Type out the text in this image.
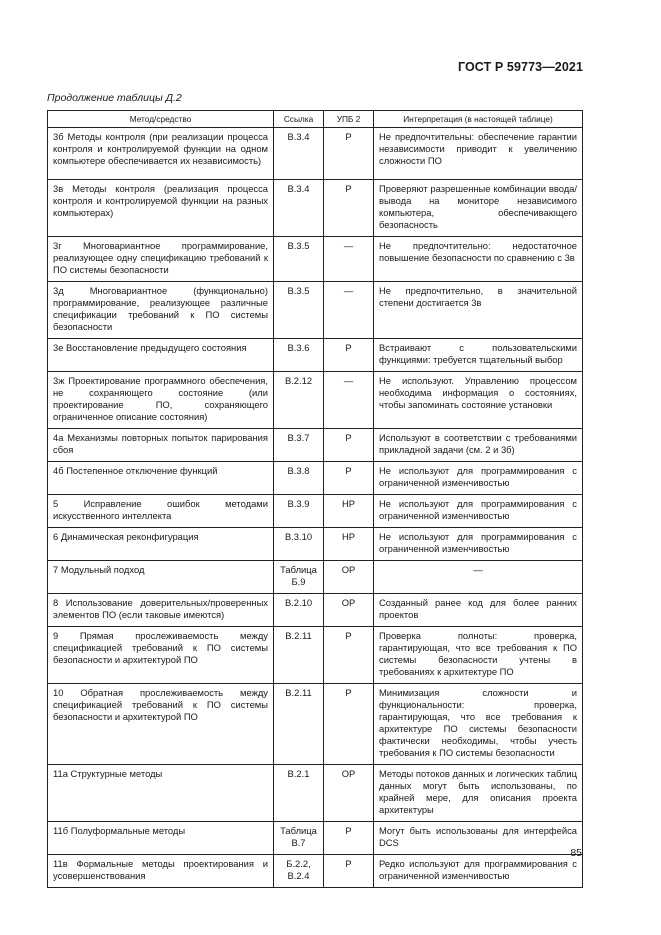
ГОСТ Р 59773—2021
Продолжение таблицы Д.2
Метод/средство	Ссылка	УПБ 2	Интерпретация (в настоящей таблице)
3б Методы контроля (при реализации процесса контроля и контролируемой функции на одном компьютере обеспечивается их независимость)	В.3.4	Р	Не предпочтительны: обеспечение гарантии независимости приводит к увеличению сложности ПО
3в Методы контроля (реализация процесса контроля и контролируемой функции на разных компьютерах)	В.3.4	Р	Проверяют разрешенные комбинации ввода/вывода на мониторе независимого компьютера, обеспечивающего безопасность
3г Многовариантное программирование, реализующее одну спецификацию требований к ПО системы безопасности	В.3.5	—	Не предпочтительно: недостаточное повышение безопасности по сравнению с 3в
3д Многовариантное (функционально) программирование, реализующее различные спецификации требований к ПО системы безопасности	В.3.5	—	Не предпочтительно, в значительной степени достигается 3в
3е Восстановление предыдущего состояния	В.3.6	Р	Встраивают с пользовательскими функциями: требуется тщательный выбор
3ж Проектирование программного обеспечения, не сохраняющего состояние (или проектирование ПО, сохраняющего ограниченное описание состояния)	В.2.12	—	Не используют. Управлению процессом необходима информация о состояниях, чтобы запоминать состояние установки
4а Механизмы повторных попыток парирования сбоя	В.3.7	Р	Используют в соответствии с требованиями прикладной задачи (см. 2 и 3б)
4б Постепенное отключение функций	В.3.8	Р	Не используют для программирования с ограниченной изменчивостью
5 Исправление ошибок методами искусственного интеллекта	В.3.9	НР	Не используют для программирования с ограниченной изменчивостью
6 Динамическая реконфигурация	В.3.10	НР	Не используют для программирования с ограниченной изменчивостью
7 Модульный подход	Таблица Б.9	ОР	—
8 Использование доверительных/проверенных элементов ПО (если таковые имеются)	В.2.10	ОР	Созданный ранее код для более ранних проектов
9 Прямая прослеживаемость между спецификацией требований к ПО системы безопасности и архитектурой ПО	В.2.11	Р	Проверка полноты: проверка, гарантирующая, что все требования к ПО системы безопасности учтены в требованиях к архитектуре ПО
10 Обратная прослеживаемость между спецификацией требований к ПО системы безопасности и архитектурой ПО	В.2.11	Р	Минимизация сложности и функциональности: проверка, гарантирующая, что все требования к архитектуре ПО системы безопасности фактически необходимы, чтобы учесть требования к ПО системы безопасности
11а Структурные методы	В.2.1	ОР	Методы потоков данных и логических таблиц данных могут быть использованы, по крайней мере, для описания проекта архитектуры
11б Полуформальные методы	Таблица В.7	Р	Могут быть использованы для интерфейса DCS
11в Формальные методы проектирования и усовершенствования	Б.2.2, В.2.4	Р	Редко используют для программирования с ограниченной изменчивостью
85
